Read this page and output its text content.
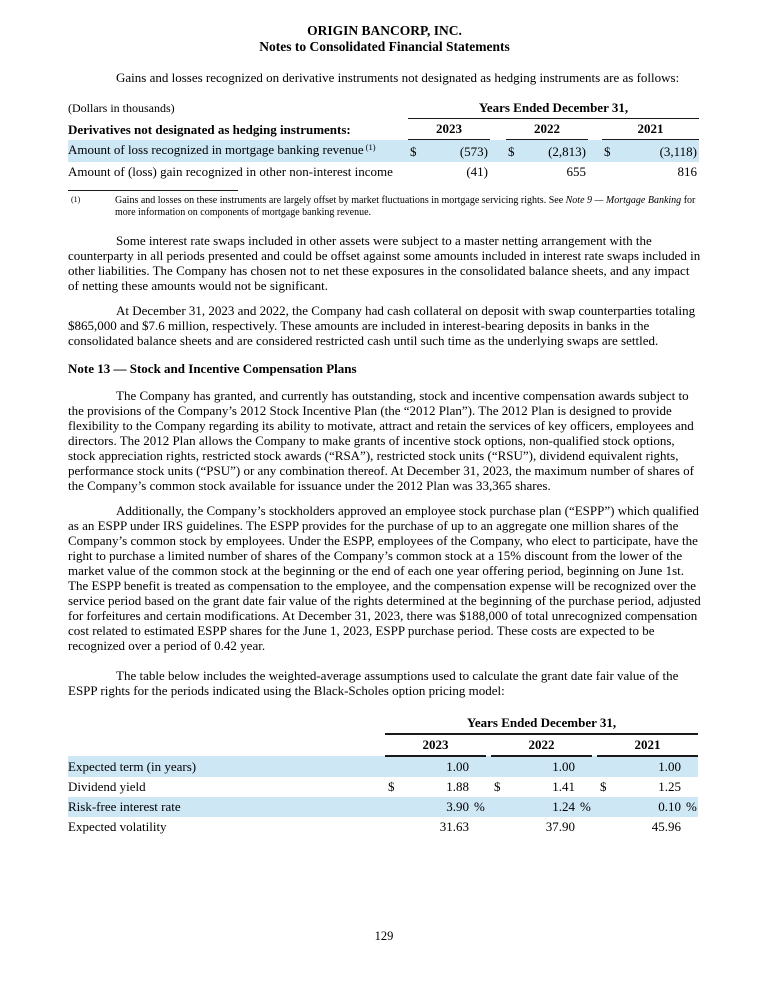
ORIGIN BANCORP, INC.
Notes to Consolidated Financial Statements

Gains and losses recognized on derivative instruments not designated as hedging instruments are as follows:

(Dollars in thousands)	Years Ended December 31,							
Derivatives not designated as hedging instruments:	2023			2022			2021	
Amount of loss recognized in mortgage banking revenue $^{(1)}$	$	(573)		$	(2,813)		$	(3,118)
Amount of (loss) gain recognized in other non-interest income		(41)			655			816
(1)	Gains and losses on these instruments are largely offset by market fluctuations in mortgage servicing rights. See Note 9 — Mortgage Banking for more information on components of mortgage banking revenue.

Some interest rate swaps included in other assets were subject to a master netting arrangement with the counterparty in all periods presented and could be offset against some amounts included in interest rate swaps included in other liabilities. The Company has chosen not to net these exposures in the consolidated balance sheets, and any impact of netting these amounts would not be significant.

At December 31, 2023 and 2022, the Company had cash collateral on deposit with swap counterparties totaling $865,000 and $7.6 million, respectively. These amounts are included in interest-bearing deposits in banks in the consolidated balance sheets and are considered restricted cash until such time as the underlying swaps are settled.

Note 13 — Stock and Incentive Compensation Plans

The Company has granted, and currently has outstanding, stock and incentive compensation awards subject to the provisions of the Company’s 2012 Stock Incentive Plan (the “2012 Plan”). The 2012 Plan is designed to provide flexibility to the Company regarding its ability to motivate, attract and retain the services of key officers, employees and directors. The 2012 Plan allows the Company to make grants of incentive stock options, non-qualified stock options, stock appreciation rights, restricted stock awards (“RSA”), restricted stock units (“RSU”), dividend equivalent rights, performance stock units (“PSU”) or any combination thereof. At December 31, 2023, the maximum number of shares of the Company’s common stock available for issuance under the 2012 Plan was 33,365 shares.

Additionally, the Company’s stockholders approved an employee stock purchase plan (“ESPP”) which qualified as an ESPP under IRS guidelines. The ESPP provides for the purchase of up to an aggregate one million shares of the Company’s common stock by employees. Under the ESPP, employees of the Company, who elect to participate, have the right to purchase a limited number of shares of the Company’s common stock at a 15% discount from the lower of the market value of the common stock at the beginning or the end of each one year offering period, beginning on June 1st. The ESPP benefit is treated as compensation to the employee, and the compensation expense will be recognized over the service period based on the grant date fair value of the rights determined at the beginning of the purchase period, adjusted for forfeitures and certain modifications. At December 31, 2023, there was $188,000 of total unrecognized compensation cost related to estimated ESPP shares for the June 1, 2023, ESPP purchase period. These costs are expected to be recognized over a period of 0.42 year.

The table below includes the weighted-average assumptions used to calculate the grant date fair value of the ESPP rights for the periods indicated using the Black-Scholes option pricing model:

	Years Ended December 31,										
	2023				2022				2021		
Expected term (in years)		1.00				1.00				1.00	
Dividend yield	$	1.88			$	1.41			$	1.25	
Risk-free interest rate		3.90	%			1.24	%			0.10	%
Expected volatility		31.63				37.90				45.96	
129
